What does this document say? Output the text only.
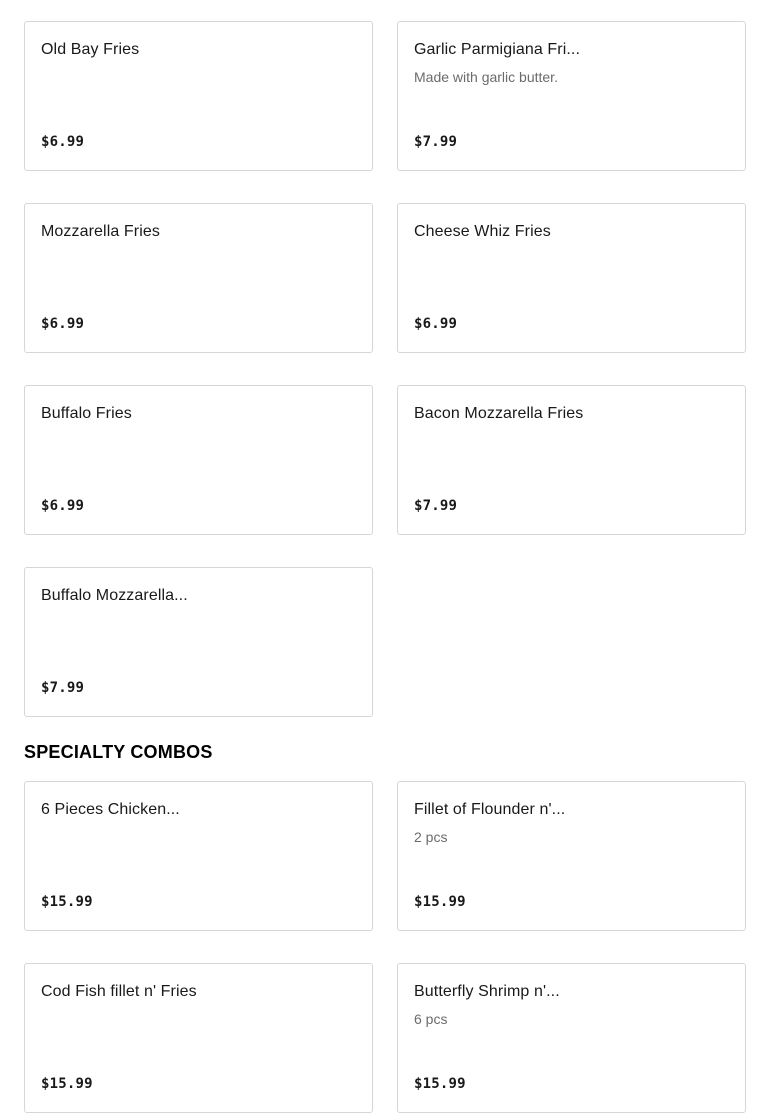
Old Bay Fries
$6.99
Garlic Parmigiana Fri...
Made with garlic butter.
$7.99
Mozzarella Fries
$6.99
Cheese Whiz Fries
$6.99
Buffalo Fries
$6.99
Bacon Mozzarella Fries
$7.99
Buffalo Mozzarella...
$7.99
SPECIALTY COMBOS
6 Pieces Chicken...
$15.99
Fillet of Flounder n'...
2 pcs
$15.99
Cod Fish fillet n' Fries
$15.99
Butterfly Shrimp n'...
6 pcs
$15.99
